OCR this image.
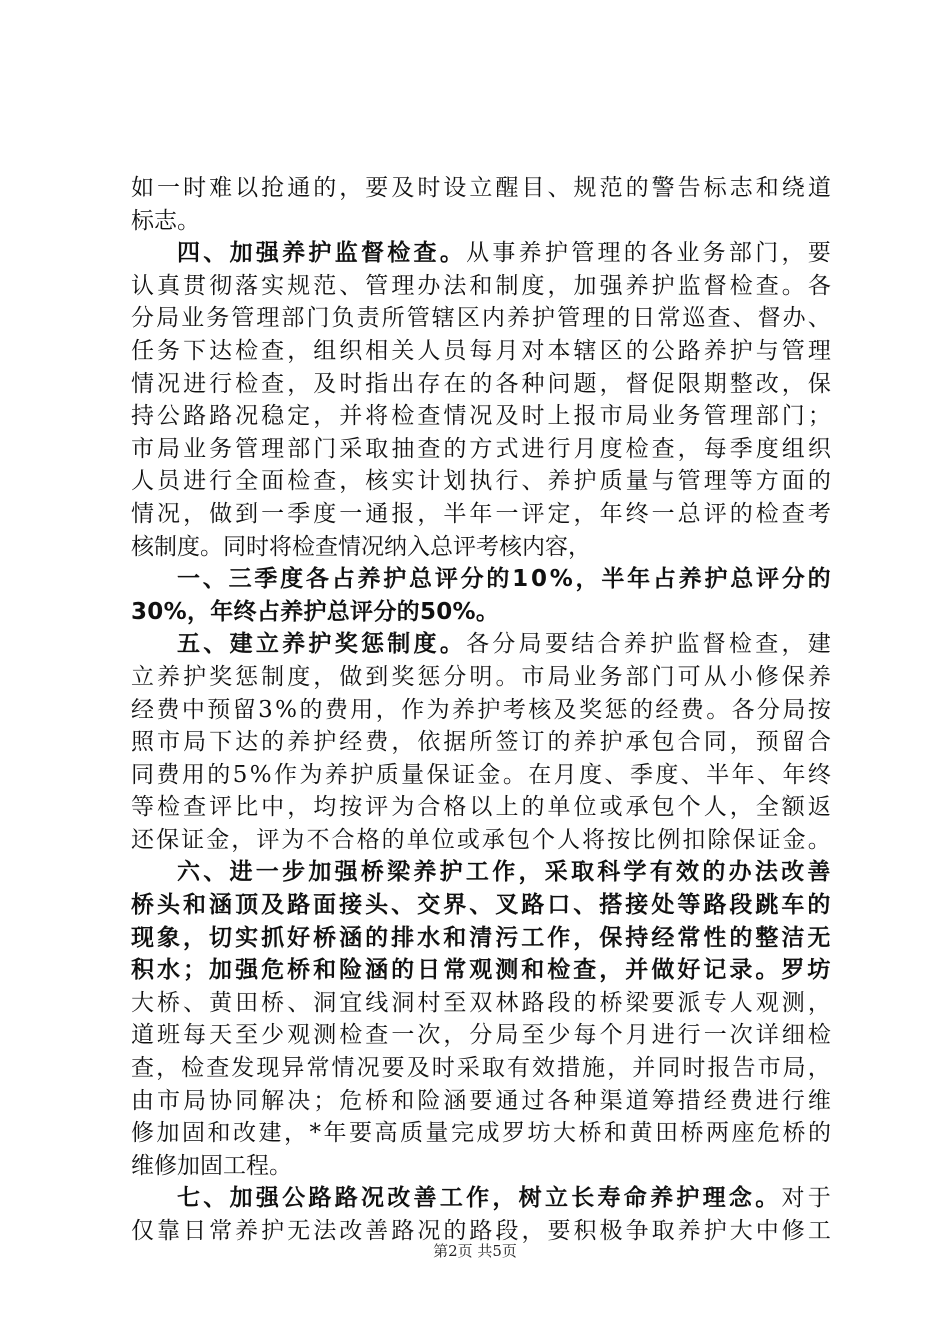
如 一 时 难 以 抢 通 的 ， 要 及 时 设 立 醒 目 、 规 范 的 警 告 标 志 和 绕 道
标志。
四 、 加 强 养 护 监 督 检 查 。 从 事 养 护 管 理 的 各 业 务 部 门 ， 要
认 真 贯 彻 落 实 规 范 、 管 理 办 法 和 制 度 ， 加 强 养 护 监 督 检 查 。 各
分 局 业 务 管 理 部 门 负 责 所 管 辖 区 内 养 护 管 理 的 日 常 巡 查 、 督 办 、
任 务 下 达 检 查 ， 组 织 相 关 人 员 每 月 对 本 辖 区 的 公 路 养 护 与 管 理
情 况 进 行 检 查 ， 及 时 指 出 存 在 的 各 种 问 题 ， 督 促 限 期 整 改 ， 保
持 公 路 路 况 稳 定 ， 并 将 检 查 情 况 及 时 上 报 市 局 业 务 管 理 部 门 ；
市 局 业 务 管 理 部 门 采 取 抽 查 的 方 式 进 行 月 度 检 查 ， 每 季 度 组 织
人 员 进 行 全 面 检 查 ， 核 实 计 划 执 行 、 养 护 质 量 与 管 理 等 方 面 的
情 况 ， 做 到 一 季 度 一 通 报 ， 半 年 一 评 定 ， 年 终 一 总 评 的 检 查 考
核制度。同时将检查情况纳入总评考核内容，
一 、 三 季 度 各 占 养 护 总 评 分 的 1 0 % ， 半 年 占 养 护 总 评 分 的
30%，年终占养护总评分的50%。
五 、 建 立 养 护 奖 惩 制 度 。 各 分 局 要 结 合 养 护 监 督 检 查 ， 建
立 养 护 奖 惩 制 度 ， 做 到 奖 惩 分 明 。 市 局 业 务 部 门 可 从 小 修 保 养
经 费 中 预 留 3 % 的 费 用 ， 作 为 养 护 考 核 及 奖 惩 的 经 费 。 各 分 局 按
照 市 局 下 达 的 养 护 经 费 ， 依 据 所 签 订 的 养 护 承 包 合 同 ， 预 留 合
同 费 用 的 5 % 作 为 养 护 质 量 保 证 金 。 在 月 度 、 季 度 、 半 年 、 年 终
等 检 查 评 比 中 ， 均 按 评 为 合 格 以 上 的 单 位 或 承 包 个 人 ， 全 额 返
还 保 证 金 ， 评 为 不 合 格 的 单 位 或 承 包 个 人 将 按 比 例 扣 除 保 证 金 。
六 、 进 一 步 加 强 桥 梁 养 护 工 作 ， 采 取 科 学 有 效 的 办 法 改 善
桥 头 和 涵 顶 及 路 面 接 头 、 交 界 、 叉 路 口 、 搭 接 处 等 路 段 跳 车 的
现 象 ， 切 实 抓 好 桥 涵 的 排 水 和 清 污 工 作 ， 保 持 经 常 性 的 整 洁 无
积 水 ； 加 强 危 桥 和 险 涵 的 日 常 观 测 和 检 查 ， 并 做 好 记 录 。 罗 坊
大 桥 、 黄 田 桥 、 洞 宜 线 洞 村 至 双 林 路 段 的 桥 梁 要 派 专 人 观 测 ，
道 班 每 天 至 少 观 测 检 查 一 次 ， 分 局 至 少 每 个 月 进 行 一 次 详 细 检
查 ， 检 查 发 现 异 常 情 况 要 及 时 采 取 有 效 措 施 ， 并 同 时 报 告 市 局 ，
由 市 局 协 同 解 决 ； 危 桥 和 险 涵 要 通 过 各 种 渠 道 筹 措 经 费 进 行 维
修 加 固 和 改 建 ， * 年 要 高 质 量 完 成 罗 坊 大 桥 和 黄 田 桥 两 座 危 桥 的
维修加固工程。
七 、 加 强 公 路 路 况 改 善 工 作 ， 树 立 长 寿 命 养 护 理 念 。 对 于
仅 靠 日 常 养 护 无 法 改 善 路 况 的 路 段 ， 要 积 极 争 取 养 护 大 中 修 工
第2页 共5页
